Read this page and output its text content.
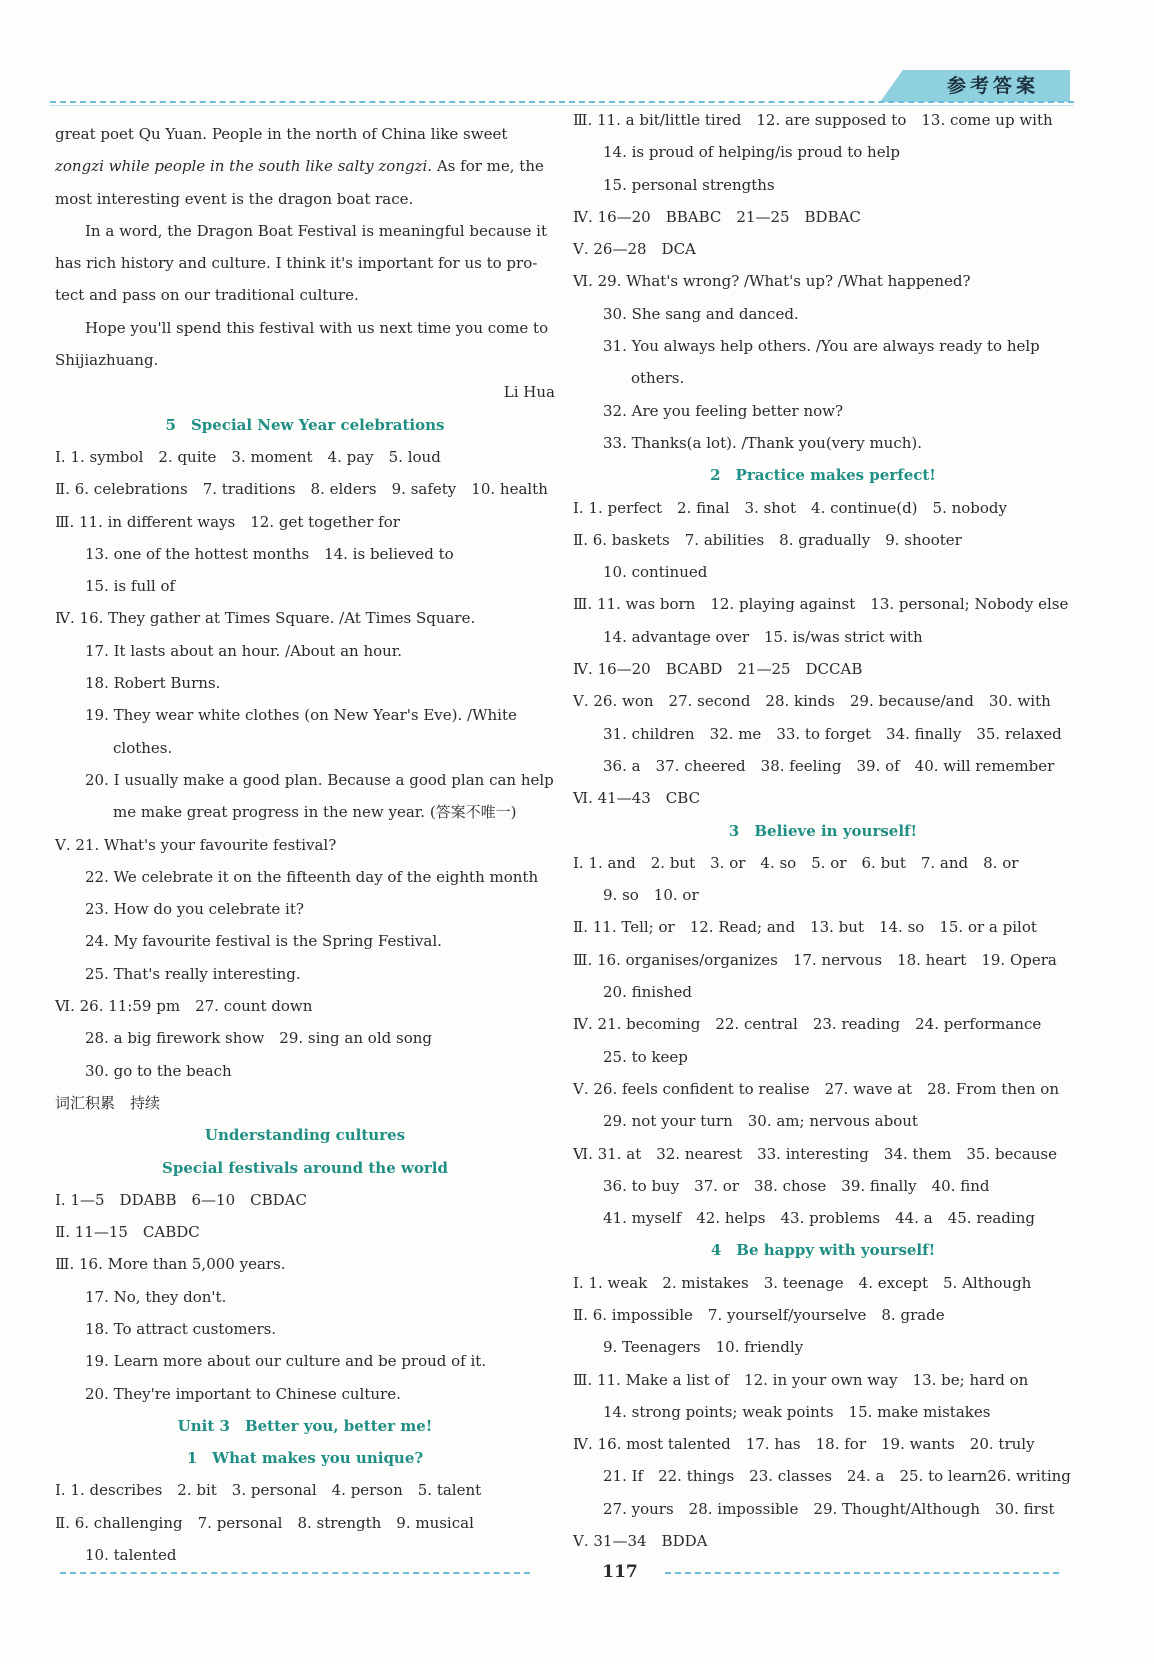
参考答案
great poet Qu Yuan. People in the north of China like sweet
zongzi while people in the south like salty zongzi. As for me, the
most interesting event is the dragon boat race.
In a word, the Dragon Boat Festival is meaningful because it
has rich history and culture. I think it's important for us to pro-
tect and pass on our traditional culture.
Hope you'll spend this festival with us next time you come to
Shijiazhuang.
Li Hua
5　Special New Year celebrations
Ⅰ. 1. symbol　2. quite　3. moment　4. pay　5. loud
Ⅱ. 6. celebrations　7. traditions　8. elders　9. safety　10. health
Ⅲ. 11. in different ways　12. get together for
13. one of the hottest months　14. is believed to
15. is full of
Ⅳ. 16. They gather at Times Square. /At Times Square.
17. It lasts about an hour. /About an hour.
18. Robert Burns.
19. They wear white clothes (on New Year's Eve). /White
clothes.
20. I usually make a good plan. Because a good plan can help
me make great progress in the new year. (答案不唯一)
Ⅴ. 21. What's your favourite festival?
22. We celebrate it on the fifteenth day of the eighth month
23. How do you celebrate it?
24. My favourite festival is the Spring Festival.
25. That's really interesting.
Ⅵ. 26. 11:59 pm　27. count down
28. a big firework show　29. sing an old song
30. go to the beach
词汇积累　持续
Understanding cultures
Special festivals around the world
Ⅰ. 1—5　DDABB　6—10　CBDAC
Ⅱ. 11—15　CABDC
Ⅲ. 16. More than 5,000 years.
17. No, they don't.
18. To attract customers.
19. Learn more about our culture and be proud of it.
20. They're important to Chinese culture.
Unit 3　Better you, better me!
1　What makes you unique?
Ⅰ. 1. describes　2. bit　3. personal　4. person　5. talent
Ⅱ. 6. challenging　7. personal　8. strength　9. musical
10. talented
Ⅲ. 11. a bit/little tired　12. are supposed to　13. come up with
14. is proud of helping/is proud to help
15. personal strengths
Ⅳ. 16—20　BBABC　21—25　BDBAC
Ⅴ. 26—28　DCA
Ⅵ. 29. What's wrong? /What's up? /What happened?
30. She sang and danced.
31. You always help others. /You are always ready to help
others.
32. Are you feeling better now?
33. Thanks(a lot). /Thank you(very much).
2　Practice makes perfect!
Ⅰ. 1. perfect　2. final　3. shot　4. continue(d)　5. nobody
Ⅱ. 6. baskets　7. abilities　8. gradually　9. shooter
10. continued
Ⅲ. 11. was born　12. playing against　13. personal; Nobody else
14. advantage over　15. is/was strict with
Ⅳ. 16—20　BCABD　21—25　DCCAB
Ⅴ. 26. won　27. second　28. kinds　29. because/and　30. with
31. children　32. me　33. to forget　34. finally　35. relaxed
36. a　37. cheered　38. feeling　39. of　40. will remember
Ⅵ. 41—43　CBC
3　Believe in yourself!
Ⅰ. 1. and　2. but　3. or　4. so　5. or　6. but　7. and　8. or
9. so　10. or
Ⅱ. 11. Tell; or　12. Read; and　13. but　14. so　15. or a pilot
Ⅲ. 16. organises/organizes　17. nervous　18. heart　19. Opera
20. finished
Ⅳ. 21. becoming　22. central　23. reading　24. performance
25. to keep
Ⅴ. 26. feels confident to realise　27. wave at　28. From then on
29. not your turn　30. am; nervous about
Ⅵ. 31. at　32. nearest　33. interesting　34. them　35. because
36. to buy　37. or　38. chose　39. finally　40. find
41. myself　42. helps　43. problems　44. a　45. reading
4　Be happy with yourself!
Ⅰ. 1. weak　2. mistakes　3. teenage　4. except　5. Although
Ⅱ. 6. impossible　7. yourself/yourselve　8. grade
9. Teenagers　10. friendly
Ⅲ. 11. Make a list of　12. in your own way　13. be; hard on
14. strong points; weak points　15. make mistakes
Ⅳ. 16. most talented　17. has　18. for　19. wants　20. truly
21. If　22. things　23. classes　24. a　25. to learn26. writing
27. yours　28. impossible　29. Thought/Although　30. first
Ⅴ. 31—34　BDDA
117
